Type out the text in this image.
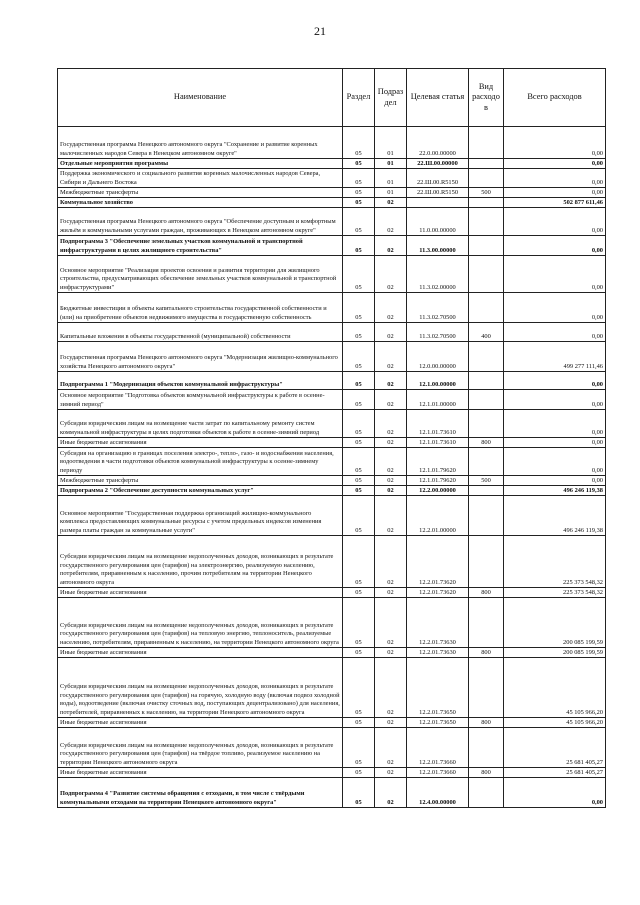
21
Наименование	Раздел	Подраз дел	Целевая статья	Вид расходо в	Всего расходов
Государственная программа Ненецкого автономного округа "Сохранение и развитие коренных малочисленных народов Севера в Ненецком автономном округе"	05	01	22.0.00.00000		0,00
Отдельные мероприятия программы	05	01	22.Ш.00.00000		0,00
Поддержка экономического и социального развития коренных малочисленных народов Севера, Сибири и Дальнего Востока	05	01	22.Ш.00.R5150		0,00
Межбюджетные трансферты	05	01	22.Ш.00.R5150	500	0,00
Коммунальное хозяйство	05	02			502 877 611,46
Государственная программа Ненецкого автономного округа "Обеспечение доступным и комфортным жильём и коммунальными услугами граждан, проживающих в Ненецком автономном округе"	05	02	11.0.00.00000		0,00
Подпрограмма 3 "Обеспечение земельных участков коммунальной и транспортной инфраструктурами в целях жилищного строительства"	05	02	11.3.00.00000		0,00
Основное мероприятие "Реализация проектов освоения и развития территории для жилищного строительства, предусматривающих обеспечение земельных участков коммунальной и транспортной инфраструктурами"	05	02	11.3.02.00000		0,00
Бюджетные инвестиции в объекты капитального строительства государственной собственности и (или) на приобретение объектов недвижимого имущества в государственную собственность	05	02	11.3.02.70500		0,00
Капитальные вложения в объекты государственной (муниципальной) собственности	05	02	11.3.02.70500	400	0,00
Государственная программа Ненецкого автономного округа "Модернизация жилищно-коммунального хозяйства Ненецкого автономного округа"	05	02	12.0.00.00000		499 277 111,46
Подпрограмма 1 "Модернизация объектов коммунальной инфраструктуры"	05	02	12.1.00.00000		0,00
Основное мероприятие "Подготовка объектов коммунальной инфраструктуры к работе в осенне-зимний период"	05	02	12.1.01.00000		0,00
Субсидии юридическим лицам на возмещение части затрат по капитальному ремонту систем коммунальной инфраструктуры в целях подготовки объектов к работе в осенне-зимний период	05	02	12.1.01.73610		0,00
Иные бюджетные ассигнования	05	02	12.1.01.73610	800	0,00
Субсидия на организацию в границах поселения электро-, тепло-, газо- и водоснабжения населения, водоотведения в части подготовки объектов коммунальной инфраструктуры к осенне-зимнему периоду	05	02	12.1.01.79620		0,00
Межбюджетные трансферты	05	02	12.1.01.79620	500	0,00
Подпрограмма 2 "Обеспечение доступности коммунальных услуг"	05	02	12.2.00.00000		496 246 119,38
Основное мероприятие "Государственная поддержка организаций жилищно-коммунального комплекса предоставляющих коммунальные ресурсы с учетом предельных индексов изменения размера платы граждан за коммунальные услуги"	05	02	12.2.01.00000		496 246 119,38
Субсидии юридическим лицам на возмещение недополученных доходов, возникающих в результате государственного регулирования цен (тарифов) на электроэнергию, реализуемую населению, потребителям, приравненным к населению, прочим потребителям на территории Ненецкого автономного округа	05	02	12.2.01.73620		225 373 548,32
Иные бюджетные ассигнования	05	02	12.2.01.73620	800	225 373 548,32
Субсидии юридическим лицам на возмещение недополученных доходов, возникающих в результате государственного регулирования цен (тарифов) на тепловую энергию, теплоноситель, реализуемые населению, потребителям, приравненным к населению, на территории Ненецкого автономного округа	05	02	12.2.01.73630		200 085 199,59
Иные бюджетные ассигнования	05	02	12.2.01.73630	800	200 085 199,59
Субсидии юридическим лицам на возмещение недополученных доходов, возникающих в результате государственного регулирования цен (тарифов) на горячую, холодную воду (включая подвоз холодной воды), водоотведение (включая очистку сточных вод, поступающих децентрализовано) для населения, потребителей, приравненных к населению, на территории Ненецкого автономного округа	05	02	12.2.01.73650		45 105 966,20
Иные бюджетные ассигнования	05	02	12.2.01.73650	800	45 105 966,20
Субсидии юридическим лицам на возмещение недополученных доходов, возникающих в результате государственного регулирования цен (тарифов) на твёрдое топливо, реализуемое населению на территории Ненецкого автономного округа	05	02	12.2.01.73660		25 681 405,27
Иные бюджетные ассигнования	05	02	12.2.01.73660	800	25 681 405,27
Подпрограмма 4 "Развитие системы обращения с отходами, в том числе с твёрдыми коммунальными отходами на территории Ненецкого автономного округа"	05	02	12.4.00.00000		0,00
